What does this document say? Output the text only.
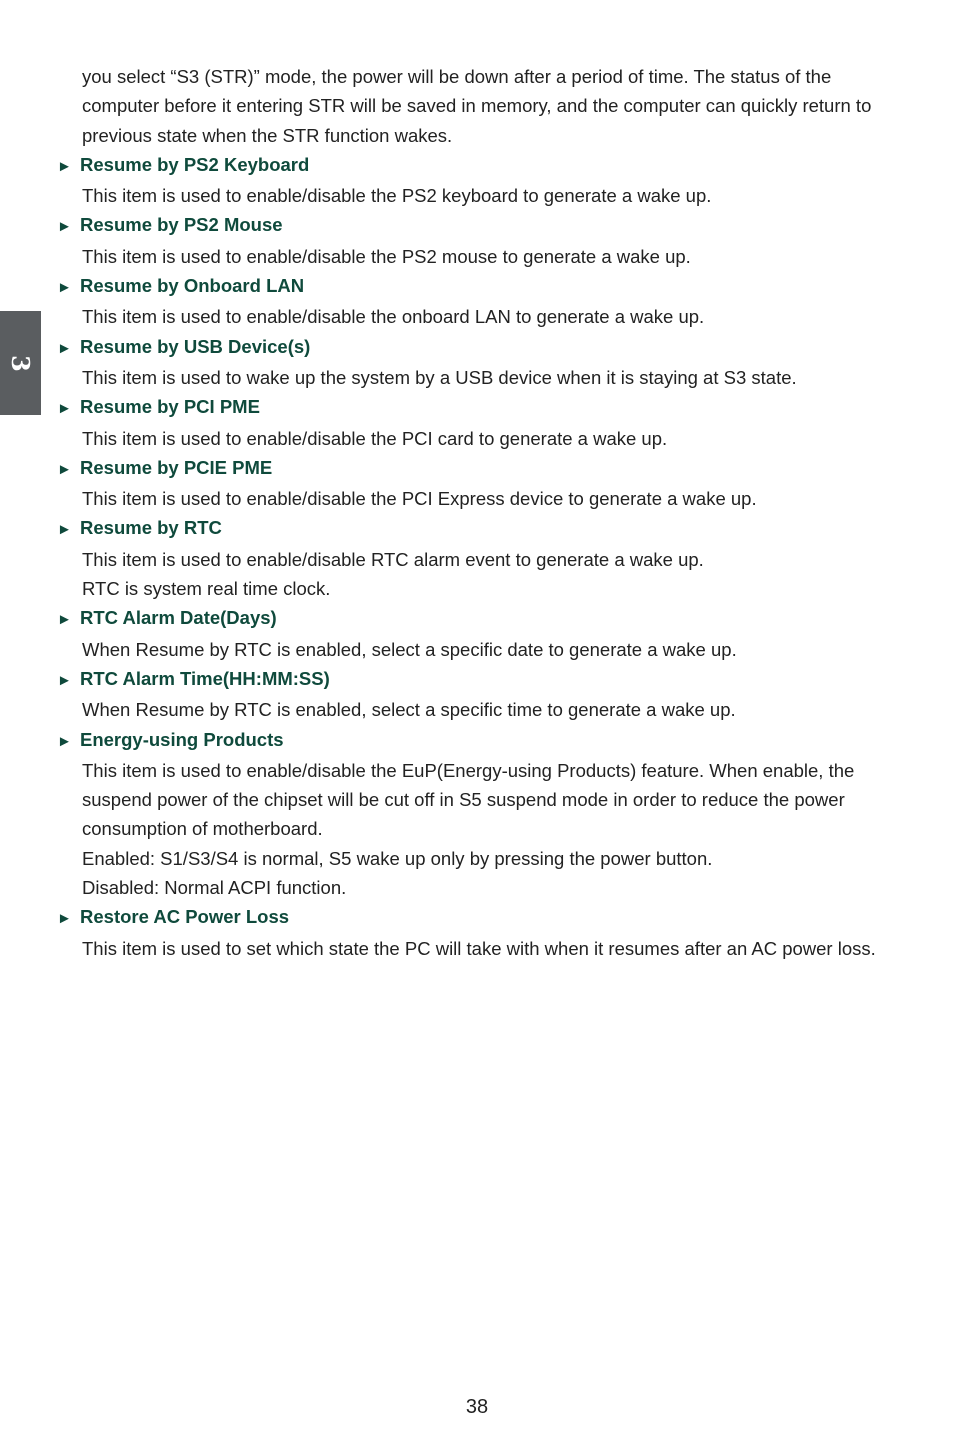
3
you select “S3 (STR)” mode, the power will be down after a period of time. The status of the computer before it entering STR will be saved in memory, and the computer can quickly return to previous state when the STR function wakes.
► Resume by PS2 Keyboard
This item is used to enable/disable the PS2 keyboard to generate a wake up.
► Resume by PS2 Mouse
This item is used to enable/disable the PS2 mouse to generate a wake up.
► Resume by Onboard LAN
This item is used to enable/disable the onboard LAN to generate a wake up.
► Resume by USB Device(s)
This item is used to wake up the system by a USB device when it is staying at S3 state.
► Resume by PCI PME
This item is used to enable/disable the PCI card to generate a wake up.
► Resume by PCIE PME
This item is used to enable/disable the PCI Express device to generate a wake up.
► Resume by RTC
This item is used to enable/disable RTC alarm event to generate a wake up.
RTC is system real time clock.
► RTC Alarm Date(Days)
When Resume by RTC is enabled, select a specific date to generate a wake up.
► RTC Alarm Time(HH:MM:SS)
When Resume by RTC is enabled, select a specific time to generate a wake up.
► Energy-using Products
This item is used to enable/disable the EuP(Energy-using Products) feature. When enable, the suspend power of the chipset will be cut off in S5 suspend mode in order to reduce the power consumption of motherboard.
Enabled: S1/S3/S4 is normal, S5 wake up only by pressing the power button.
Disabled: Normal ACPI function.
► Restore AC Power Loss
This item is used to set which state the PC will take with when it resumes after an AC power loss.
38
